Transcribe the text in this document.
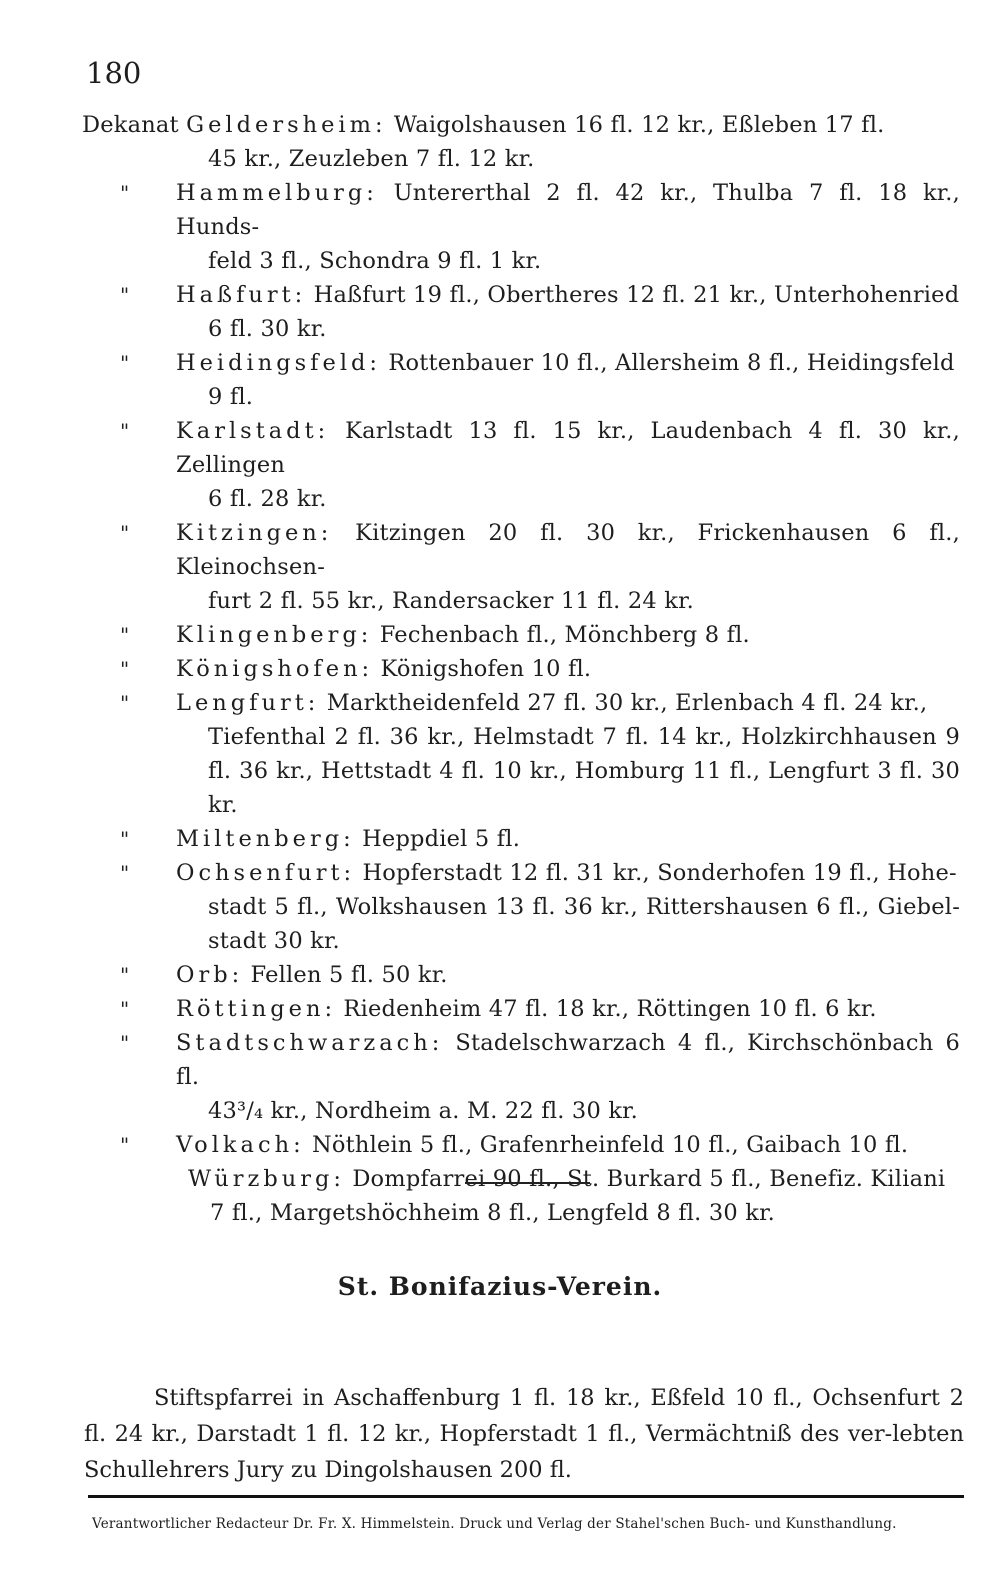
180
Dekanat Geldersheim: Waigolshausen 16 fl. 12 kr., Eßleben 17 fl.
45 kr., Zeuzleben 7 fl. 12 kr.
" Hammelburg: Untererthal 2 fl. 42 kr., Thulba 7 fl. 18 kr., Hunds-
feld 3 fl., Schondra 9 fl. 1 kr.
" Haßfurt: Haßfurt 19 fl., Obertheres 12 fl. 21 kr., Unterhohenried
6 fl. 30 kr.
" Heidingsfeld: Rottenbauer 10 fl., Allersheim 8 fl., Heidingsfeld
9 fl.
" Karlstadt: Karlstadt 13 fl. 15 kr., Laudenbach 4 fl. 30 kr., Zellingen
6 fl. 28 kr.
" Kitzingen: Kitzingen 20 fl. 30 kr., Frickenhausen 6 fl., Kleinochsen-
furt 2 fl. 55 kr., Randersacker 11 fl. 24 kr.
" Klingenberg: Fechenbach fl., Mönchberg 8 fl.
" Königshofen: Königshofen 10 fl.
" Lengfurt: Marktheidenfeld 27 fl. 30 kr., Erlenbach 4 fl. 24 kr.,
Tiefenthal 2 fl. 36 kr., Helmstadt 7 fl. 14 kr., Holzkirchhausen 9 fl. 36 kr., Hettstadt 4 fl. 10 kr., Homburg 11 fl., Lengfurt 3 fl. 30 kr.
" Miltenberg: Heppdiel 5 fl.
" Ochsenfurt: Hopferstadt 12 fl. 31 kr., Sonderhofen 19 fl., Hohe-
stadt 5 fl., Wolkshausen 13 fl. 36 kr., Rittershausen 6 fl., Giebel-stadt 30 kr.
" Orb: Fellen 5 fl. 50 kr.
" Röttingen: Riedenheim 47 fl. 18 kr., Röttingen 10 fl. 6 kr.
" Stadtschwarzach: Stadelschwarzach 4 fl., Kirchschönbach 6 fl.
43³/₄ kr., Nordheim a. M. 22 fl. 30 kr.
" Volkach: Nöthlein 5 fl., Grafenrheinfeld 10 fl., Gaibach 10 fl.
Würzburg: Dompfarrei 90 fl., St. Burkard 5 fl., Benefiz. Kiliani
7 fl., Margetshöchheim 8 fl., Lengfeld 8 fl. 30 kr.
St. Bonifazius-Verein.
Stiftspfarrei in Aschaffenburg 1 fl. 18 kr., Eßfeld 10 fl., Ochsenfurt 2 fl. 24 kr., Darstadt 1 fl. 12 kr., Hopferstadt 1 fl., Vermächtniß des ver-lebten Schullehrers Jury zu Dingolshausen 200 fl.
Verantwortlicher Redacteur Dr. Fr. X. Himmelstein. Druck und Verlag der Stahel'schen Buch- und Kunsthandlung.
